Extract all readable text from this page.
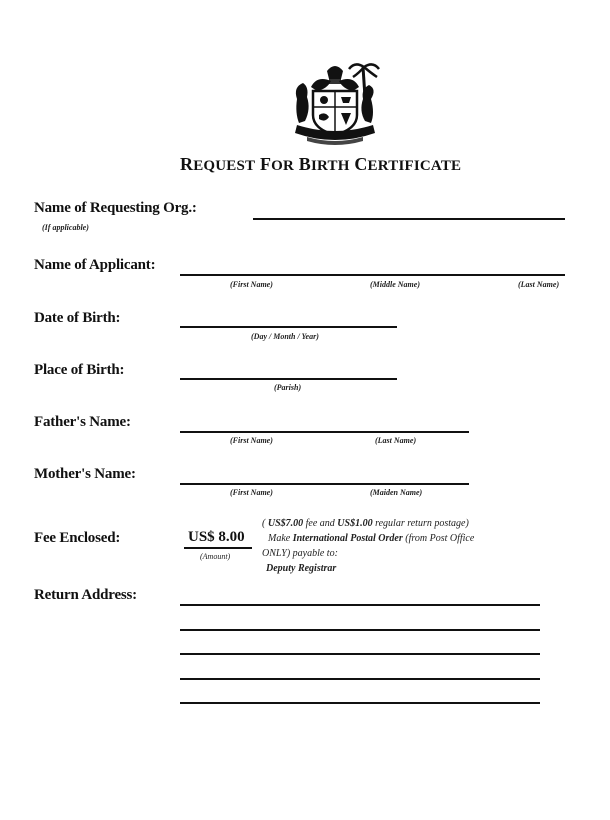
REQUEST FOR BIRTH CERTIFICATE
Name of Requesting Org.:
(If applicable)
Name of Applicant:
(First Name)	(Middle Name)	(Last Name)
Date of Birth:
(Day / Month / Year)
Place of Birth:
(Parish)
Father's Name:
(First Name)	(Last Name)
Mother's Name:
(First Name)	(Maiden Name)
Fee Enclosed:	US$ 8.00
(Amount)
( US$7.00 fee and US$1.00 regular return postage)
Make International Postal Order (from Post Office
ONLY) payable to:
Deputy Registrar
Return Address:
